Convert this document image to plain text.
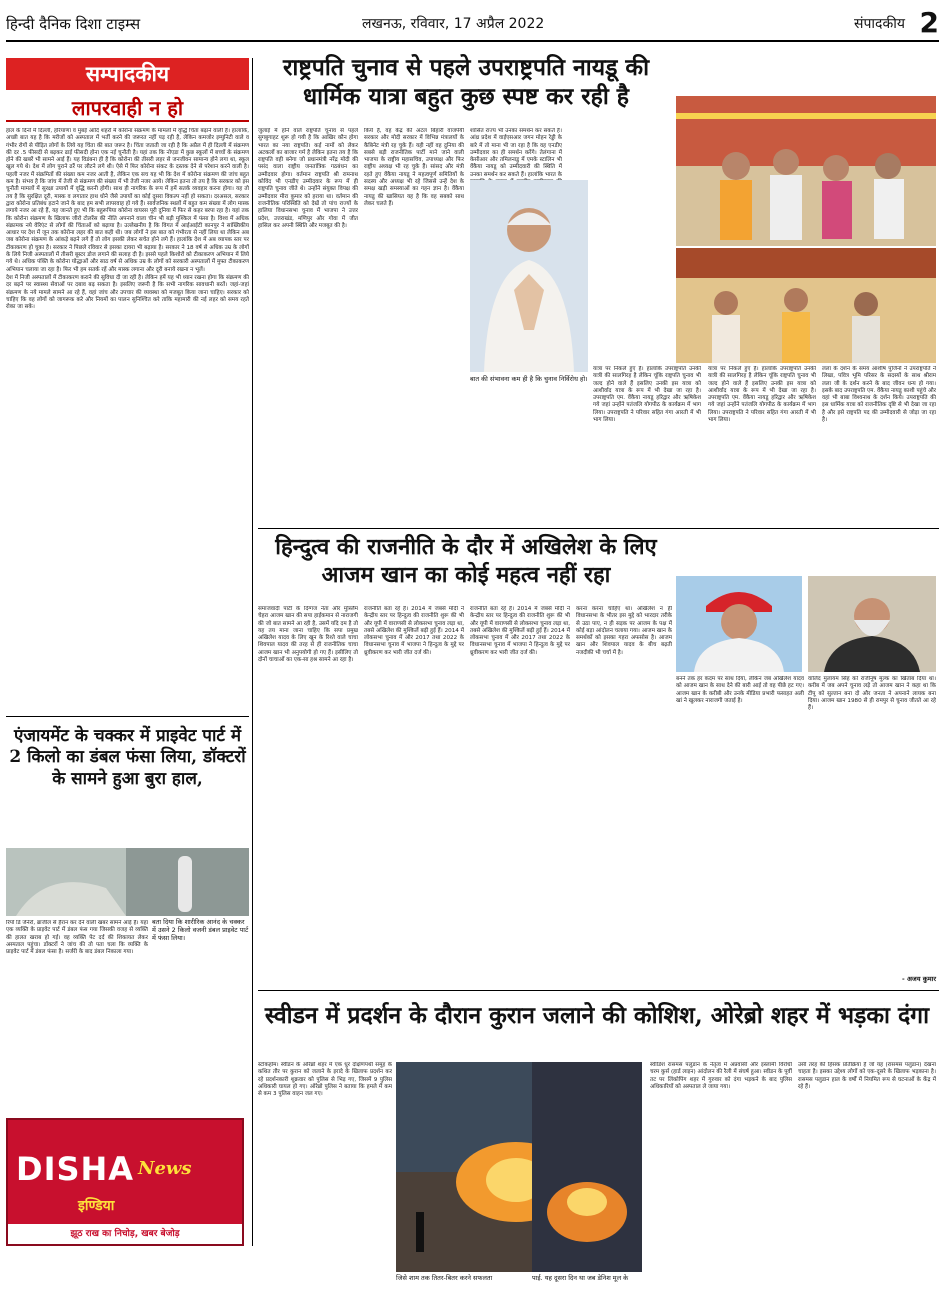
हिन्दी दैनिक दिशा टाइम्स	लखनऊ, रविवार, 17 अप्रैल 2022	संपादकीय 2
सम्पादकीय
लापरवाही न हो

हाल के दिनों में दिल्ली, हरियाणा व मुंबई आदि शहरों में कोरोना संक्रमण के मामलों में वृद्धि चिंता बढ़ाने वाली है। हालांकि, अच्छी बात यह है कि मरीजों को अस्पताल में भर्ती करने की जरूरत नहीं पड़ रही है, लेकिन कमजोर इम्युनिटी वाले व गंभीर रोगों से पीड़ित लोगों के लिये यह चिंता की बात जरूर है। चिंता जताती जा रही है कि अप्रैल में ही दिल्ली में संक्रमण की दर .5 फीसदी से बढ़कर ढाई फीसदी होना एक नई चुनौती है। यहां तक कि नोएडा में कुछ स्कूलों में बच्चों के संक्रमण होने की खबरें भी सामने आई हैं। यह विडंबना ही है कि कोरोना की तीसरी लहर से जनजीवन सामान्य होने लगा था, स्कूल खुल गये थे। देश में लोग पुराने ढर्रे पर लौटने लगे थी। ऐसे में फिर कोरोना संकट के दस्तक देने से परेशान करने वाली है। पहली नजर में संक्रमितों की संख्या कम नजर आती है, लेकिन एक सच यह भी कि देश में कोरोना संक्रमण की जांच बहुत कम है। संभव है कि जांच में तेजी से संक्रमण की संख्या में भी तेजी नजर आये। लेकिन इतना तो तय है कि सरकार को इस चुनौती मामलों में सुरक्षा उपायों में वृद्धि करनी होगी। साथ ही नागरिक के रूप में हमें सतर्क व्यवहार करना होगा। यह तो तय है कि सुरक्षित दूरी, मास्क व लगातार हाथ धोने जैसे उपायों का कोई दूसरा विकल्प नहीं हो सकता। दरअसल, सरकार द्वारा कोरोना प्रतिबंध हटाने जाने के बाद हम सभी लापरवाह हो गये हैं। सार्वजनिक स्थलों में बहुत कम संख्या में लोग मास्क लगाये नजर आ रहे हैं, यह जानते हुए भी कि बहुरूपिया कोरोना वायरस पूरी दुनिया में फिर से कहर बरपा रहा है। यहां तक कि कोरोना संक्रमण के खिलाफ जीरो टोलरेंस की नीति अपनाने वाला चीन भी बड़ी मुश्किल में फंसा है। विश्व में अधिक संक्रामक नये वेरिएंट से लोगों की चिंताओं को बढ़ाया है। उल्लेखनीय है कि विगत में आईआईटी कानपुर ने सांख्यिकीय आधार पर देश में जून तक कोरोना लहर की बात कही थी। जब लोगों ने इस बात को गंभीरता से नहीं लिया था लेकिन अब जब कोरोना संक्रमण के आंकड़े बढ़ने लगे हैं तो लोग इसकी लेकर सचेत होने लगे हैं। हालांकि देश में अब व्यापक स्तर पर टीकाकरण हो चुका है। सरकार ने पिछले रविवार से इसका दायरा भी बढ़ाया है। सरकार ने 18 वर्ष से अधिक उम्र के लोगों के लिये निजी अस्पतालों में तीसरी बूस्टर डोज लगाने की सलाह दी है। इससे पहले किशोरों को टीकाकरण अभियान में लिये गये थे। अधिक पंक्ति के कोरोना योद्धाओं और साठ वर्ष से अधिक उम्र के लोगों को सरकारी अस्पतालों में मुफ्त टीकाकरण अभियान चलाया जा रहा है। फिर भी हम सतर्क रहें और मास्क लगाना और दूरी बनाये रखना न भूलें।

देश में निजी अस्पतालों में टीकाकरण कराने की सुविधा दी जा रही है। लेकिन हमें यह भी ध्यान रखना होगा कि संक्रमण की दर बढ़ने पर स्वास्थ्य सेवाओं पर दबाव बढ़ सकता है। इसलिए जरूरी है कि सभी नागरिक सावधानी बरतें। जहां-जहां संक्रमण के नये मामले सामने आ रहे हैं, वहां जांच और उपचार की व्यवस्था को मजबूत किया जाना चाहिए। सरकार को चाहिए कि वह लोगों को जागरूक करे और नियमों का पालन सुनिश्चित करे ताकि महामारी की नई लहर को समय रहते रोका जा सके।

राष्ट्रपति चुनाव से पहले उपराष्ट्रपति नायडू की धार्मिक यात्रा बहुत कुछ स्पष्ट कर रही है
जुलाई में होने वाले राष्ट्रपति चुनाव से पहले सुगबुगाहट शुरू हो गयी है कि आखिर कौन होगा भारत का नया राष्ट्रपति। कई नामों को लेकर अटकलों का बाजार गर्म है लेकिन इतना तय है कि राष्ट्रपति वही बनेगा जो प्रधानमंत्री नरेंद्र मोदी की पसंद वाला राष्ट्रीय जनतांत्रिक गठबंधन का उम्मीदवार होगा। वर्तमान राष्ट्रपति श्री रामनाथ कोविंद भी एनडीए उम्मीदवार के रूप में ही राष्ट्रपति चुनाव जीते थे। उन्होंने संयुक्त विपक्ष की उम्मीदवार मीरा कुमार को हराया था। वर्तमान की राजनीतिक परिस्थिति को देखें तो पांच राज्यों के हालिया विधानसभा चुनाव में भाजपा ने उत्तर प्रदेश, उत्तराखंड, मणिपुर और गोवा में जीत हासिल कर अपनी स्थिति और मजबूत की है।
किये हैं, वह केंद्र की अटल बिहारी वाजपेयी सरकार और मोदी सरकार में विभिन्न मंत्रालयों के कैबिनेट मंत्री रह चुके हैं। यही नहीं वह दुनिया की सबसे बड़ी राजनीतिक पार्टी माने जाने वाली भाजपा के राष्ट्रीय महासचिव, उपाध्यक्ष और फिर राष्ट्रीय अध्यक्ष भी रह चुके हैं। सांसद और मंत्री रहते हुए वेंकैया नायडू ने महत्वपूर्ण समितियों के सदस्य और अध्यक्ष भी रहे जिससे उन्हें देश के समक्ष खड़ी समस्याओं का गहन ज्ञान है। वेंकैया नायडू की खासियत यह है कि वह सबको साथ लेकर चलते हैं।
शासित राज्य भी उनका समर्थन कर सकते हैं। आंध्र प्रदेश में वाईएसआर जगन मोहन रेड्डी के बारे में तो माना भी जा रहा है कि वह एनडीए उम्मीदवार का ही समर्थन करेंगे। तेलंगाना में केसीआर और तमिलनाडु में एमके स्टालिन भी वेंकैया नायडू को उम्मीदवारी की स्थिति में उनका समर्थन कर सकते हैं। हालांकि भारत के
बात की संभावना कम ही है कि चुनाव निर्विरोध हो।
यात्रा पर निकले हुए हैं। हालांकि उपराष्ट्रपति उनकी यात्री की सालगिरह है लेकिन चूंकि राष्ट्रपति चुनाव भी जल्द होने वाले हैं इसलिए उनकी इस यात्रा को आशीर्वाद यात्रा के रूप में भी देखा जा रहा है। उपराष्ट्रपति एम. वेंकैया नायडू हरिद्वार और ऋषिकेश गये जहां उन्होंने पतंजलि योगपीठ के कार्यक्रम में भाग लिया। उपराष्ट्रपति ने परिवार सहित गंगा आरती में भी भाग लिया।
यात्रा पर निकले हुए हैं। हालांकि उपराष्ट्रपति उनकी यात्री की सालगिरह है लेकिन चूंकि राष्ट्रपति चुनाव भी जल्द होने वाले हैं इसलिए उनकी इस यात्रा को आशीर्वाद यात्रा के रूप में भी देखा जा रहा है। उपराष्ट्रपति एम. वेंकैया नायडू हरिद्वार और ऋषिकेश गये जहां उन्होंने पतंजलि योगपीठ के कार्यक्रम में भाग लिया। उपराष्ट्रपति ने परिवार सहित गंगा आरती में भी भाग लिया।
लला के दर्शन के समय आशीष पुजिनों ने उपराष्ट्रपति ने लिखा, पवित्र भूमि परिसर के सदस्यों के साथ श्रीराम लला जी के दर्शन करने के बाद जीवन धन्य हो गया। इसके बाद उपराष्ट्रपति एम. वेंकैया नायडू काशी पहुंचे और वहां भी बाबा विश्वनाथ के दर्शन किये। उपराष्ट्रपति की इस धार्मिक यात्रा को राजनीतिक दृष्टि से भी देखा जा रहा है और इसे राष्ट्रपति पद की उम्मीदवारी से जोड़ा जा रहा है।
हिन्दुत्व की राजनीति के दौर में अखिलेश के लिए आजम खान का कोई महत्व नहीं रहा
समाजवादी पार्टी के दिग्गज नेता और मुस्लिम चेहरा आजम खान की सपा हाईकमान से नाराजगी की जो बात सामने आ रही है, उसमें यदि दम है तो यह तय माना जाना चाहिए कि सपा प्रमुख अखिलेश यादव के लिए खून के रिश्ते वाले चाचा शिवपाल यादव की तरह से ही राजनीतिक चाचा आजम खान भी अनुपयोगी हो गए हैं। इसीलिए तो दोनों चाचाओं का एक-सा हश्र सामने आ रहा है।
राजनीति बता रहे हैं। 2014 में जबसे मोदी ने केन्द्रीय स्तर पर हिन्दुत्व की राजनीति शुरू की भी और यूपी में वाराणसी से लोकसभा चुनाव लड़ा था, तबसे अखिलेश की मुश्किलें बढ़ी हुई हैं। 2014 में लोकसभा चुनाव में और 2017 तथा 2022 के विधानसभा चुनाव में भाजपा ने हिन्दुत्व के मुद्दे पर ध्रुवीकरण कर भारी जीत दर्ज की।
राजनीति बता रहे हैं। 2014 में जबसे मोदी ने केन्द्रीय स्तर पर हिन्दुत्व की राजनीति शुरू की भी और यूपी में वाराणसी से लोकसभा चुनाव लड़ा था, तबसे अखिलेश की मुश्किलें बढ़ी हुई हैं। 2014 में लोकसभा चुनाव में और 2017 तथा 2022 के विधानसभा चुनाव में भाजपा ने हिन्दुत्व के मुद्दे पर ध्रुवीकरण कर भारी जीत दर्ज की।
करना करना चाहिए था। अखिलेश न ही विधानसभा के भीतर इस मुद्दे को भारदार तरीके से उठा पाए, न ही सड़क पर आजम के पक्ष में कोई बड़ा आंदोलन चलाया गया। आजम खान के समर्थकों को इसका गहरा अफसोस है। आजम खान और शिवपाल यादव के बीच बढ़ती नजदीकी भी चर्चा में है।
बनने तक हर कदम पर साथ दिया, लेकिन जब अखिलेश यादव को आजम खान के साथ देने की बारी आई तो वह पीछे हट गए। आजम खान के करीबी और उनके मीडिया प्रभारी फसाहत अली खां ने खुलकर नाराजगी जताई है।
वालिद मुलायम सिंह को राजीनूष मुल्क का खिताब दिया था। करीब में जब अपने चुनाव लड़े तो आजम खान ने कहा था कि टीपू को सुल्तान बना दो और जनता ने अपनाने लायक बना दिया। आजम खान 1980 से ही रामपुर से चुनाव जीतते आ रहे हैं।
- अजय कुमार
एंजायमेंट के चक्कर में प्राइवेट पार्ट में 2 किलो का डंबल फंसा लिया, डॉक्टरों के सामने हुआ बुरा हाल,
बता दिया कि शारीरिक आनंद के चक्कर में उसने 2 किलो वजनी डंबल प्राइवेट पार्ट में फंसा लिया।
रिपो डि जेनेरो, ब्राजील से हैरान कर देने वाली खबर सामने आई है। यहां एक व्यक्ति के प्राइवेट पार्ट में डंबल फंस गया जिसकी वजह से व्यक्ति की हालत खराब हो गई। वह व्यक्ति पेट दर्द की शिकायत लेकर अस्पताल पहुंचा। डॉक्टरों ने जांच की तो पता चला कि व्यक्ति के प्राइवेट पार्ट में डंबल फंसा है। सर्जरी के बाद डंबल निकाला गया।
DISHA News
इण्डिया
झूठ राख का निचोड़, खबर बेजोड़
स्वीडन में प्रदर्शन के दौरान कुरान जलाने की कोशिश, ओरेब्रो शहर में भड़का दंगा
स्टॉकहोम। स्वीडन के ओरेब्रो शहर में एक धुर दक्षिणपंथी समूह के कथित तौर पर कुरान को जलाने के इरादे के खिलाफ प्रदर्शन कर रहे प्रदर्शनकारी शुक्रवार को पुलिस से भिड़ गए, जिसमें 9 पुलिस अधिकारी घायल हो गए। ओरेब्रो पुलिस ने बताया कि हमले में कम से कम 3 पुलिस वाहन जल गए।
जिसे शाम तक तितर-बितर करने सफलता	पाई. यह दूसरा दिन था जब डेनिश मूल के
स्वीडिश रासमस पलुडान के नेतृत्व में अप्रवासी और इस्लामी विरोधी चरम कुर्स (हार्ड लाइन) आंदोलन की रैली में संघर्ष हुआ। स्वीडन के पूर्वी तट पर लिंकोपिंग शहर में गुरुवार को दंगा भड़कने के बाद पुलिस अधिकारियों को अस्पताल ले जाया गया।
उसी तरह की हिंसक प्रतिक्रिया है जो यह (रासमस पलुडान) देखना चाहता है। इसका उद्देश्य लोगों को एक-दूसरे के खिलाफ भड़काना है। रासमस पलुडान हाल के वर्षों में नियमित रूप से घटनाओं के केंद्र में रहे हैं।
